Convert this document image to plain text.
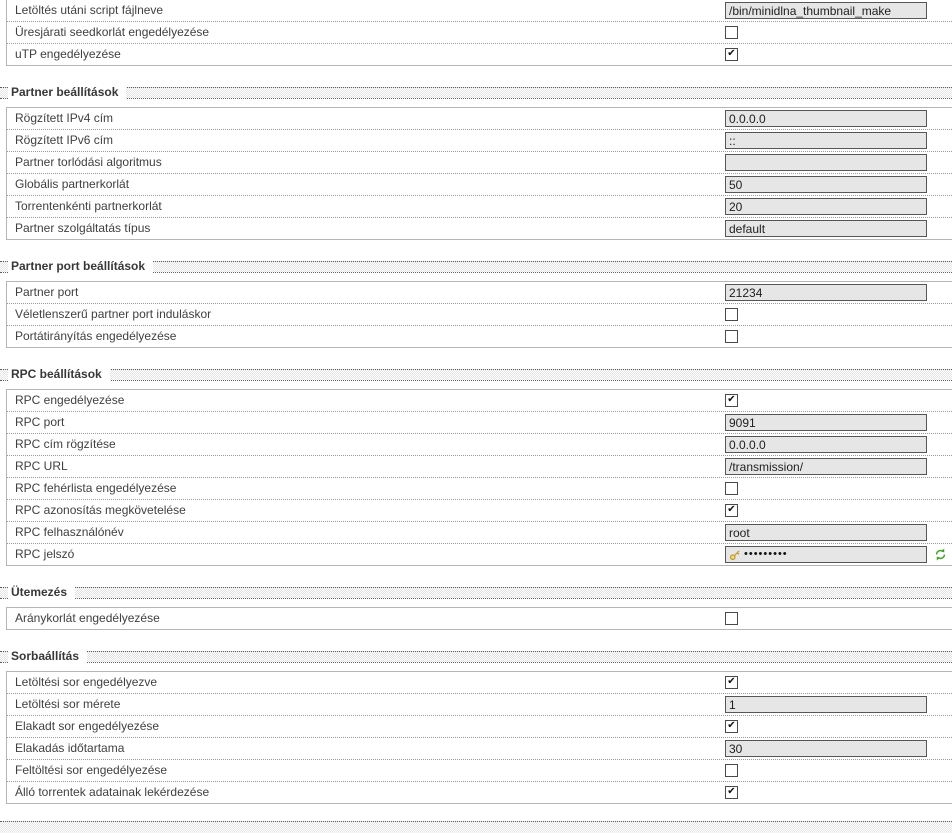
Letöltés utáni script fájlneve
/bin/minidlna_thumbnail_make
Üresjárati seedkorlát engedélyezése
uTP engedélyezése
✔
Partner beállítások
Rögzített IPv4 cím
0.0.0.0
Rögzített IPv6 cím
::
Partner torlódási algoritmus
Globális partnerkorlát
50
Torrentenkénti partnerkorlát
20
Partner szolgáltatás típus
default
Partner port beállítások
Partner port
21234
Véletlenszerű partner port induláskor
Portátirányítás engedélyezése
RPC beállítások
RPC engedélyezése
✔
RPC port
9091
RPC cím rögzítése
0.0.0.0
RPC URL
/transmission/
RPC fehérlista engedélyezése
RPC azonosítás megkövetelése
✔
RPC felhasználónév
root
RPC jelszó	•••••••••
Ütemezés
Aránykorlát engedélyezése
Sorbaállítás
Letöltési sor engedélyezve
✔
Letöltési sor mérete
1
Elakadt sor engedélyezése
✔
Elakadás időtartama
30
Feltöltési sor engedélyezése
Álló torrentek adatainak lekérdezése
✔
